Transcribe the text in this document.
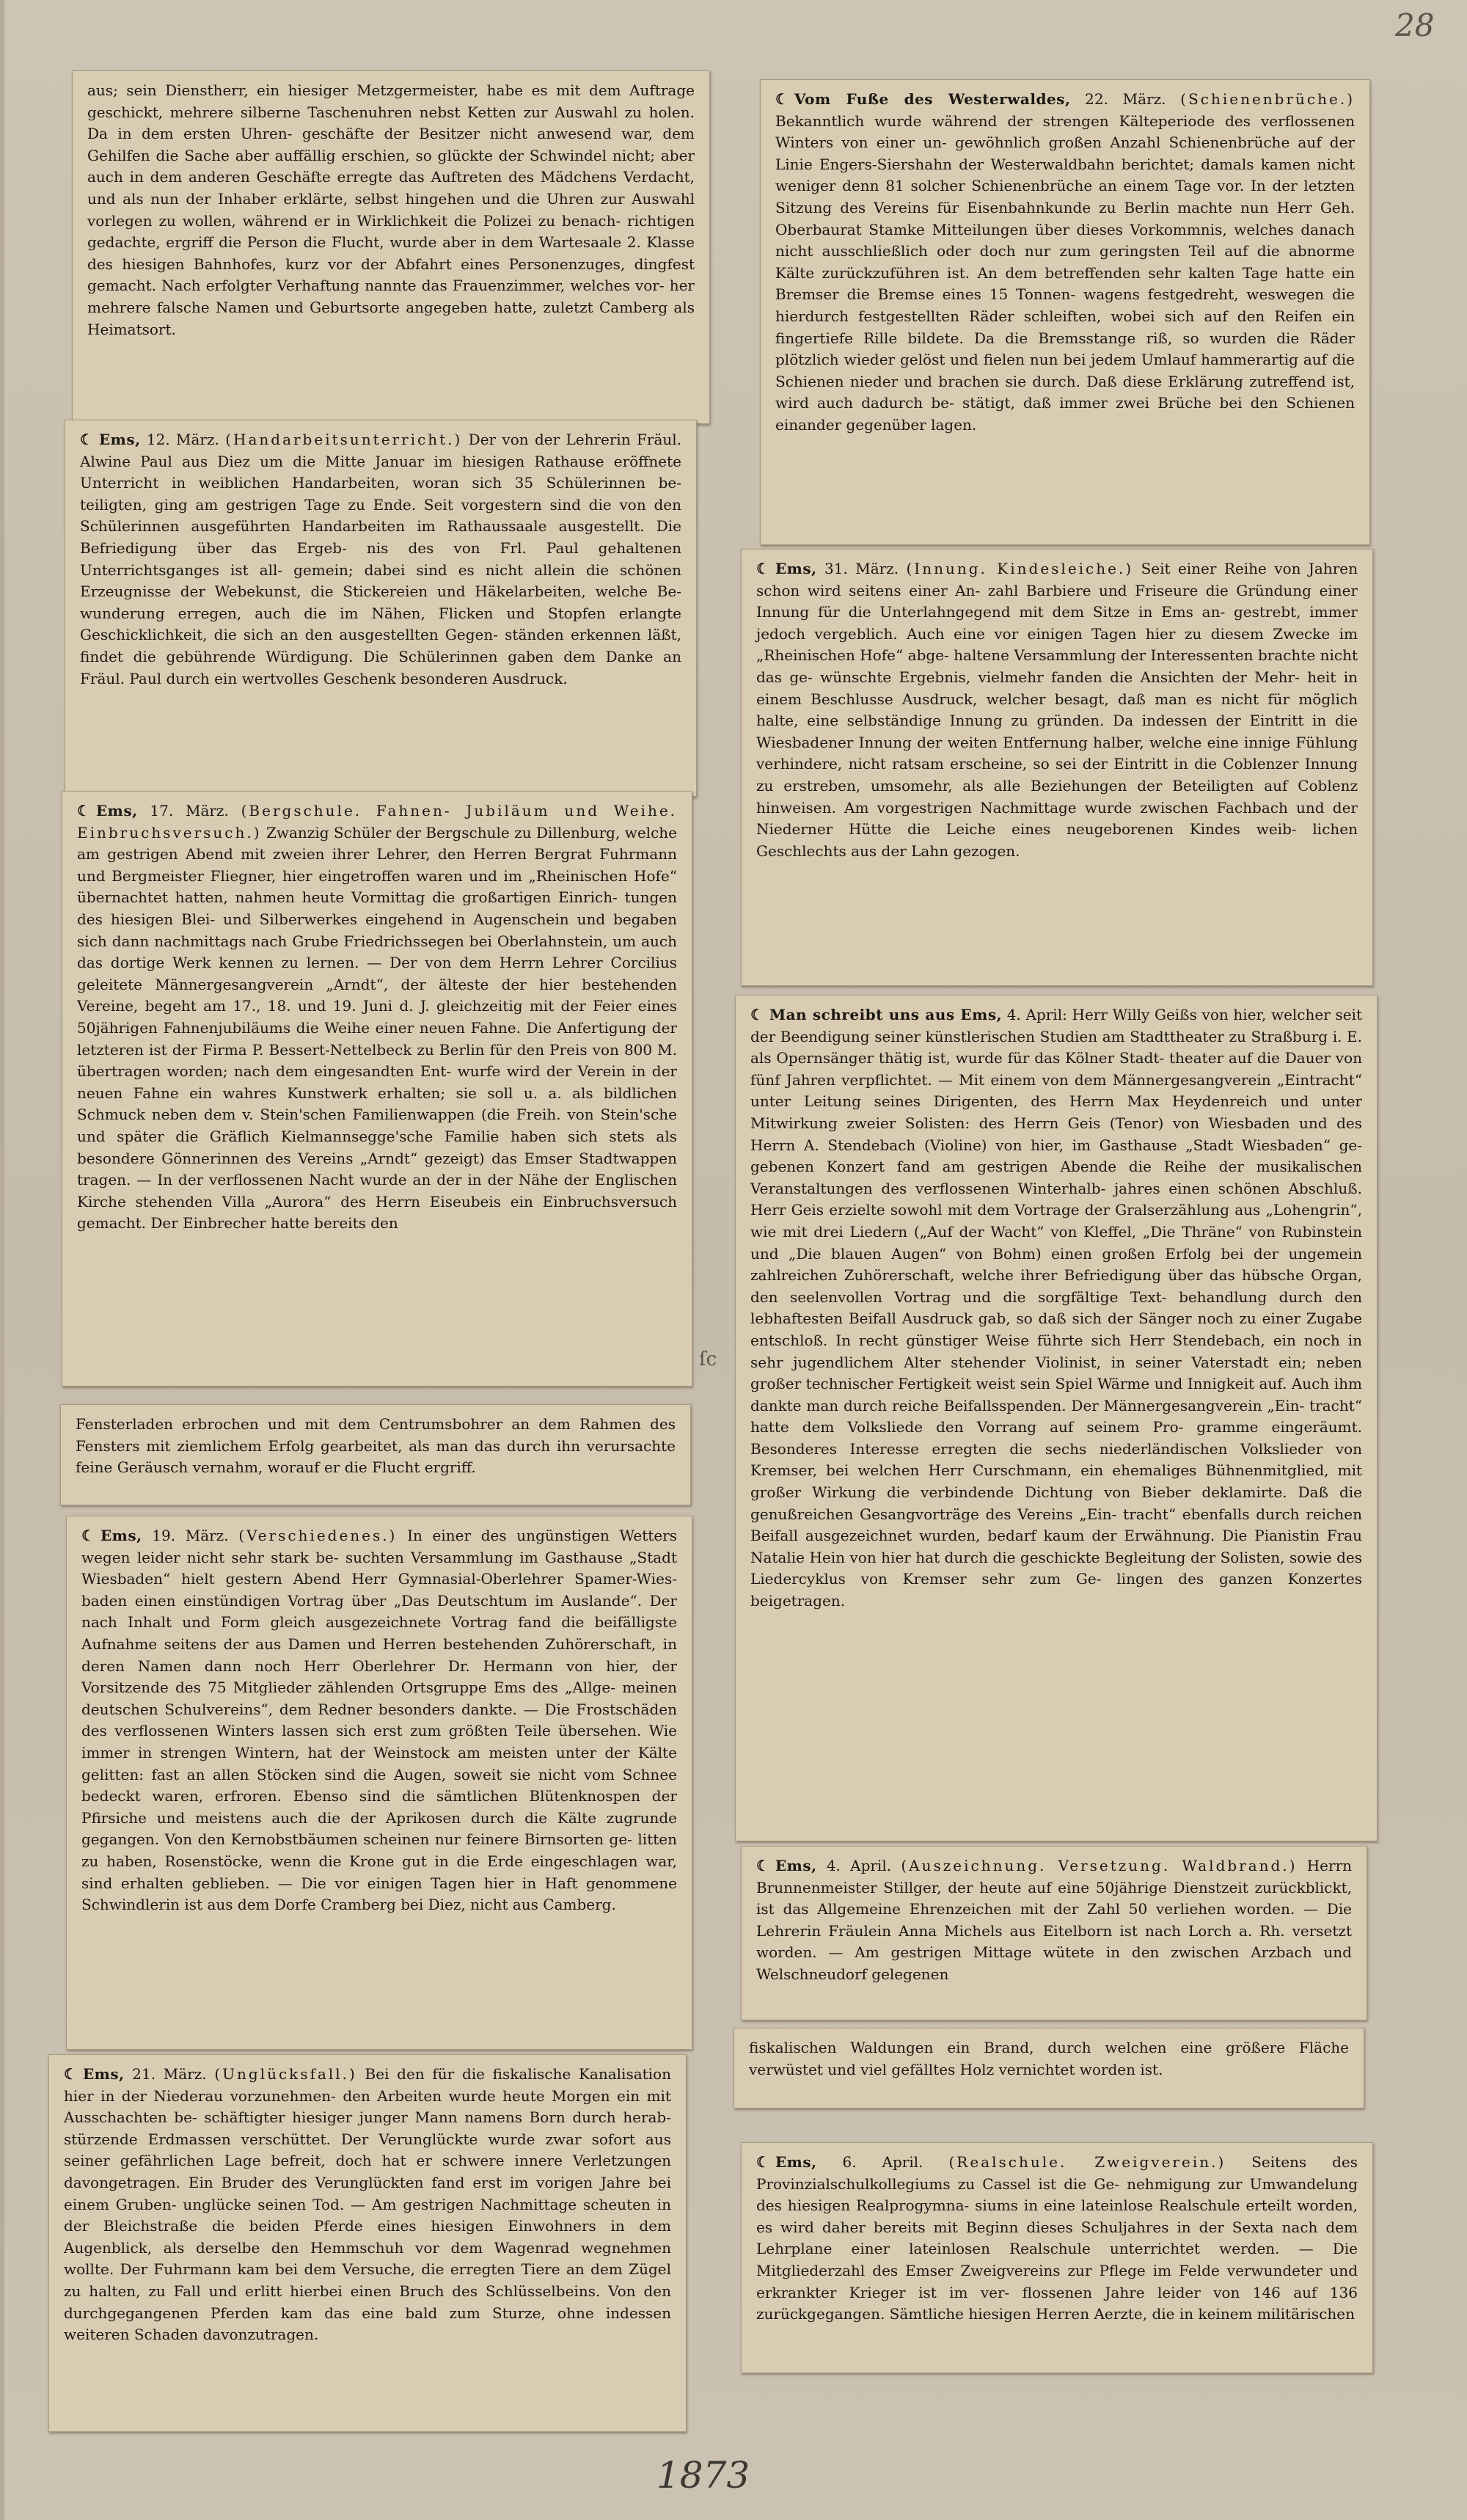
28
ſc

aus; sein Dienstherr, ein hiesiger Metzgermeister, habe es mit dem Auftrage geschickt, mehrere silberne Taschenuhren nebst Ketten zur Auswahl zu holen. Da in dem ersten Uhren- geschäfte der Besitzer nicht anwesend war, dem Gehilfen die Sache aber auffällig erschien, so glückte der Schwindel nicht; aber auch in dem anderen Geschäfte erregte das Auftreten des Mädchens Verdacht, und als nun der Inhaber erklärte, selbst hingehen und die Uhren zur Auswahl vorlegen zu wollen, während er in Wirklichkeit die Polizei zu benach- richtigen gedachte, ergriff die Person die Flucht, wurde aber in dem Wartesaale 2. Klasse des hiesigen Bahnhofes, kurz vor der Abfahrt eines Personenzuges, dingfest gemacht. Nach erfolgter Verhaftung nannte das Frauenzimmer, welches vor- her mehrere falsche Namen und Geburtsorte angegeben hatte, zuletzt Camberg als Heimatsort.

☾ Ems, 12. März. (Handarbeitsunterricht.) Der von der Lehrerin Fräul. Alwine Paul aus Diez um die Mitte Januar im hiesigen Rathause eröffnete Unterricht in weiblichen Handarbeiten, woran sich 35 Schülerinnen be- teiligten, ging am gestrigen Tage zu Ende. Seit vorgestern sind die von den Schülerinnen ausgeführten Handarbeiten im Rathaussaale ausgestellt. Die Befriedigung über das Ergeb- nis des von Frl. Paul gehaltenen Unterrichtsganges ist all- gemein; dabei sind es nicht allein die schönen Erzeugnisse der Webekunst, die Stickereien und Häkelarbeiten, welche Be- wunderung erregen, auch die im Nähen, Flicken und Stopfen erlangte Geschicklichkeit, die sich an den ausgestellten Gegen- ständen erkennen läßt, findet die gebührende Würdigung. Die Schülerinnen gaben dem Danke an Fräul. Paul durch ein wertvolles Geschenk besonderen Ausdruck.

☾ Ems, 17. März. (Bergschule. Fahnen- Jubiläum und Weihe. Einbruchsversuch.) Zwanzig Schüler der Bergschule zu Dillenburg, welche am gestrigen Abend mit zweien ihrer Lehrer, den Herren Bergrat Fuhrmann und Bergmeister Fliegner, hier eingetroffen waren und im „Rheinischen Hofe“ übernachtet hatten, nahmen heute Vormittag die großartigen Einrich- tungen des hiesigen Blei- und Silberwerkes eingehend in Augenschein und begaben sich dann nachmittags nach Grube Friedrichssegen bei Oberlahnstein, um auch das dortige Werk kennen zu lernen. — Der von dem Herrn Lehrer Corcilius geleitete Männergesangverein „Arndt“, der älteste der hier bestehenden Vereine, begeht am 17., 18. und 19. Juni d. J. gleichzeitig mit der Feier eines 50jährigen Fahnenjubiläums die Weihe einer neuen Fahne. Die Anfertigung der letzteren ist der Firma P. Bessert-Nettelbeck zu Berlin für den Preis von 800 M. übertragen worden; nach dem eingesandten Ent- wurfe wird der Verein in der neuen Fahne ein wahres Kunstwerk erhalten; sie soll u. a. als bildlichen Schmuck neben dem v. Stein'schen Familienwappen (die Freih. von Stein'sche und später die Gräflich Kielmannsegge'sche Familie haben sich stets als besondere Gönnerinnen des Vereins „Arndt“ gezeigt) das Emser Stadtwappen tragen. — In der verflossenen Nacht wurde an der in der Nähe der Englischen Kirche stehenden Villa „Aurora“ des Herrn Eiseubeis ein Einbruchsversuch gemacht. Der Einbrecher hatte bereits den

Fensterladen erbrochen und mit dem Centrumsbohrer an dem Rahmen des Fensters mit ziemlichem Erfolg gearbeitet, als man das durch ihn verursachte feine Geräusch vernahm, worauf er die Flucht ergriff.

☾ Ems, 19. März. (Verschiedenes.) In einer des ungünstigen Wetters wegen leider nicht sehr stark be- suchten Versammlung im Gasthause „Stadt Wiesbaden“ hielt gestern Abend Herr Gymnasial-Oberlehrer Spamer-Wies- baden einen einstündigen Vortrag über „Das Deutschtum im Auslande“. Der nach Inhalt und Form gleich ausgezeichnete Vortrag fand die beifälligste Aufnahme seitens der aus Damen und Herren bestehenden Zuhörerschaft, in deren Namen dann noch Herr Oberlehrer Dr. Hermann von hier, der Vorsitzende des 75 Mitglieder zählenden Ortsgruppe Ems des „Allge- meinen deutschen Schulvereins“, dem Redner besonders dankte. — Die Frostschäden des verflossenen Winters lassen sich erst zum größten Teile übersehen. Wie immer in strengen Wintern, hat der Weinstock am meisten unter der Kälte gelitten: fast an allen Stöcken sind die Augen, soweit sie nicht vom Schnee bedeckt waren, erfroren. Ebenso sind die sämtlichen Blütenknospen der Pfirsiche und meistens auch die der Aprikosen durch die Kälte zugrunde gegangen. Von den Kernobstbäumen scheinen nur feinere Birnsorten ge- litten zu haben, Rosenstöcke, wenn die Krone gut in die Erde eingeschlagen war, sind erhalten geblieben. — Die vor einigen Tagen hier in Haft genommene Schwindlerin ist aus dem Dorfe Cramberg bei Diez, nicht aus Camberg.

☾ Ems, 21. März. (Unglücksfall.) Bei den für die fiskalische Kanalisation hier in der Niederau vorzunehmen- den Arbeiten wurde heute Morgen ein mit Ausschachten be- schäftigter hiesiger junger Mann namens Born durch herab- stürzende Erdmassen verschüttet. Der Verunglückte wurde zwar sofort aus seiner gefährlichen Lage befreit, doch hat er schwere innere Verletzungen davongetragen. Ein Bruder des Verunglückten fand erst im vorigen Jahre bei einem Gruben- unglücke seinen Tod. — Am gestrigen Nachmittage scheuten in der Bleichstraße die beiden Pferde eines hiesigen Einwohners in dem Augenblick, als derselbe den Hemmschuh vor dem Wagenrad wegnehmen wollte. Der Fuhrmann kam bei dem Versuche, die erregten Tiere an dem Zügel zu halten, zu Fall und erlitt hierbei einen Bruch des Schlüsselbeins. Von den durchgegangenen Pferden kam das eine bald zum Sturze, ohne indessen weiteren Schaden davonzutragen.

☾ Vom Fuße des Westerwaldes, 22. März. (Schienenbrüche.) Bekanntlich wurde während der strengen Kälteperiode des verflossenen Winters von einer un- gewöhnlich großen Anzahl Schienenbrüche auf der Linie Engers-Siershahn der Westerwaldbahn berichtet; damals kamen nicht weniger denn 81 solcher Schienenbrüche an einem Tage vor. In der letzten Sitzung des Vereins für Eisenbahnkunde zu Berlin machte nun Herr Geh. Oberbaurat Stamke Mitteilungen über dieses Vorkommnis, welches danach nicht ausschließlich oder doch nur zum geringsten Teil auf die abnorme Kälte zurückzuführen ist. An dem betreffenden sehr kalten Tage hatte ein Bremser die Bremse eines 15 Tonnen- wagens festgedreht, weswegen die hierdurch festgestellten Räder schleiften, wobei sich auf den Reifen ein fingertiefe Rille bildete. Da die Bremsstange riß, so wurden die Räder plötzlich wieder gelöst und fielen nun bei jedem Umlauf hammerartig auf die Schienen nieder und brachen sie durch. Daß diese Erklärung zutreffend ist, wird auch dadurch be- stätigt, daß immer zwei Brüche bei den Schienen einander gegenüber lagen.

☾ Ems, 31. März. (Innung. Kindesleiche.) Seit einer Reihe von Jahren schon wird seitens einer An- zahl Barbiere und Friseure die Gründung einer Innung für die Unterlahngegend mit dem Sitze in Ems an- gestrebt, immer jedoch vergeblich. Auch eine vor einigen Tagen hier zu diesem Zwecke im „Rheinischen Hofe“ abge- haltene Versammlung der Interessenten brachte nicht das ge- wünschte Ergebnis, vielmehr fanden die Ansichten der Mehr- heit in einem Beschlusse Ausdruck, welcher besagt, daß man es nicht für möglich halte, eine selbständige Innung zu gründen. Da indessen der Eintritt in die Wiesbadener Innung der weiten Entfernung halber, welche eine innige Fühlung verhindere, nicht ratsam erscheine, so sei der Eintritt in die Coblenzer Innung zu erstreben, umsomehr, als alle Beziehungen der Beteiligten auf Coblenz hinweisen. Am vorgestrigen Nachmittage wurde zwischen Fachbach und der Niederner Hütte die Leiche eines neugeborenen Kindes weib- lichen Geschlechts aus der Lahn gezogen.

☾ Man schreibt uns aus Ems, 4. April: Herr Willy Geißs von hier, welcher seit der Beendigung seiner künstlerischen Studien am Stadttheater zu Straßburg i. E. als Opernsänger thätig ist, wurde für das Kölner Stadt- theater auf die Dauer von fünf Jahren verpflichtet. — Mit einem von dem Männergesangverein „Eintracht“ unter Leitung seines Dirigenten, des Herrn Max Heydenreich und unter Mitwirkung zweier Solisten: des Herrn Geis (Tenor) von Wiesbaden und des Herrn A. Stendebach (Violine) von hier, im Gasthause „Stadt Wiesbaden“ ge- gebenen Konzert fand am gestrigen Abende die Reihe der musikalischen Veranstaltungen des verflossenen Winterhalb- jahres einen schönen Abschluß. Herr Geis erzielte sowohl mit dem Vortrage der Gralserzählung aus „Lohengrin“, wie mit drei Liedern („Auf der Wacht“ von Kleffel, „Die Thräne“ von Rubinstein und „Die blauen Augen“ von Bohm) einen großen Erfolg bei der ungemein zahlreichen Zuhörerschaft, welche ihrer Befriedigung über das hübsche Organ, den seelenvollen Vortrag und die sorgfältige Text- behandlung durch den lebhaftesten Beifall Ausdruck gab, so daß sich der Sänger noch zu einer Zugabe entschloß. In recht günstiger Weise führte sich Herr Stendebach, ein noch in sehr jugendlichem Alter stehender Violinist, in seiner Vaterstadt ein; neben großer technischer Fertigkeit weist sein Spiel Wärme und Innigkeit auf. Auch ihm dankte man durch reiche Beifallsspenden. Der Männergesangverein „Ein- tracht“ hatte dem Volksliede den Vorrang auf seinem Pro- gramme eingeräumt. Besonderes Interesse erregten die sechs niederländischen Volkslieder von Kremser, bei welchen Herr Curschmann, ein ehemaliges Bühnenmitglied, mit großer Wirkung die verbindende Dichtung von Bieber deklamirte. Daß die genußreichen Gesangvorträge des Vereins „Ein- tracht“ ebenfalls durch reichen Beifall ausgezeichnet wurden, bedarf kaum der Erwähnung. Die Pianistin Frau Natalie Hein von hier hat durch die geschickte Begleitung der Solisten, sowie des Liedercyklus von Kremser sehr zum Ge- lingen des ganzen Konzertes beigetragen.

☾ Ems, 4. April. (Auszeichnung. Versetzung. Waldbrand.) Herrn Brunnenmeister Stillger, der heute auf eine 50jährige Dienstzeit zurückblickt, ist das Allgemeine Ehrenzeichen mit der Zahl 50 verliehen worden. — Die Lehrerin Fräulein Anna Michels aus Eitelborn ist nach Lorch a. Rh. versetzt worden. — Am gestrigen Mittage wütete in den zwischen Arzbach und Welschneudorf gelegenen

fiskalischen Waldungen ein Brand, durch welchen eine größere Fläche verwüstet und viel gefälltes Holz vernichtet worden ist.

☾ Ems, 6. April. (Realschule. Zweigverein.) Seitens des Provinzialschulkollegiums zu Cassel ist die Ge- nehmigung zur Umwandelung des hiesigen Realprogymna- siums in eine lateinlose Realschule erteilt worden, es wird daher bereits mit Beginn dieses Schuljahres in der Sexta nach dem Lehrplane einer lateinlosen Realschule unterrichtet werden. — Die Mitgliederzahl des Emser Zweigvereins zur Pflege im Felde verwundeter und erkrankter Krieger ist im ver- flossenen Jahre leider von 146 auf 136 zurückgegangen. Sämtliche hiesigen Herren Aerzte, die in keinem militärischen

1873
